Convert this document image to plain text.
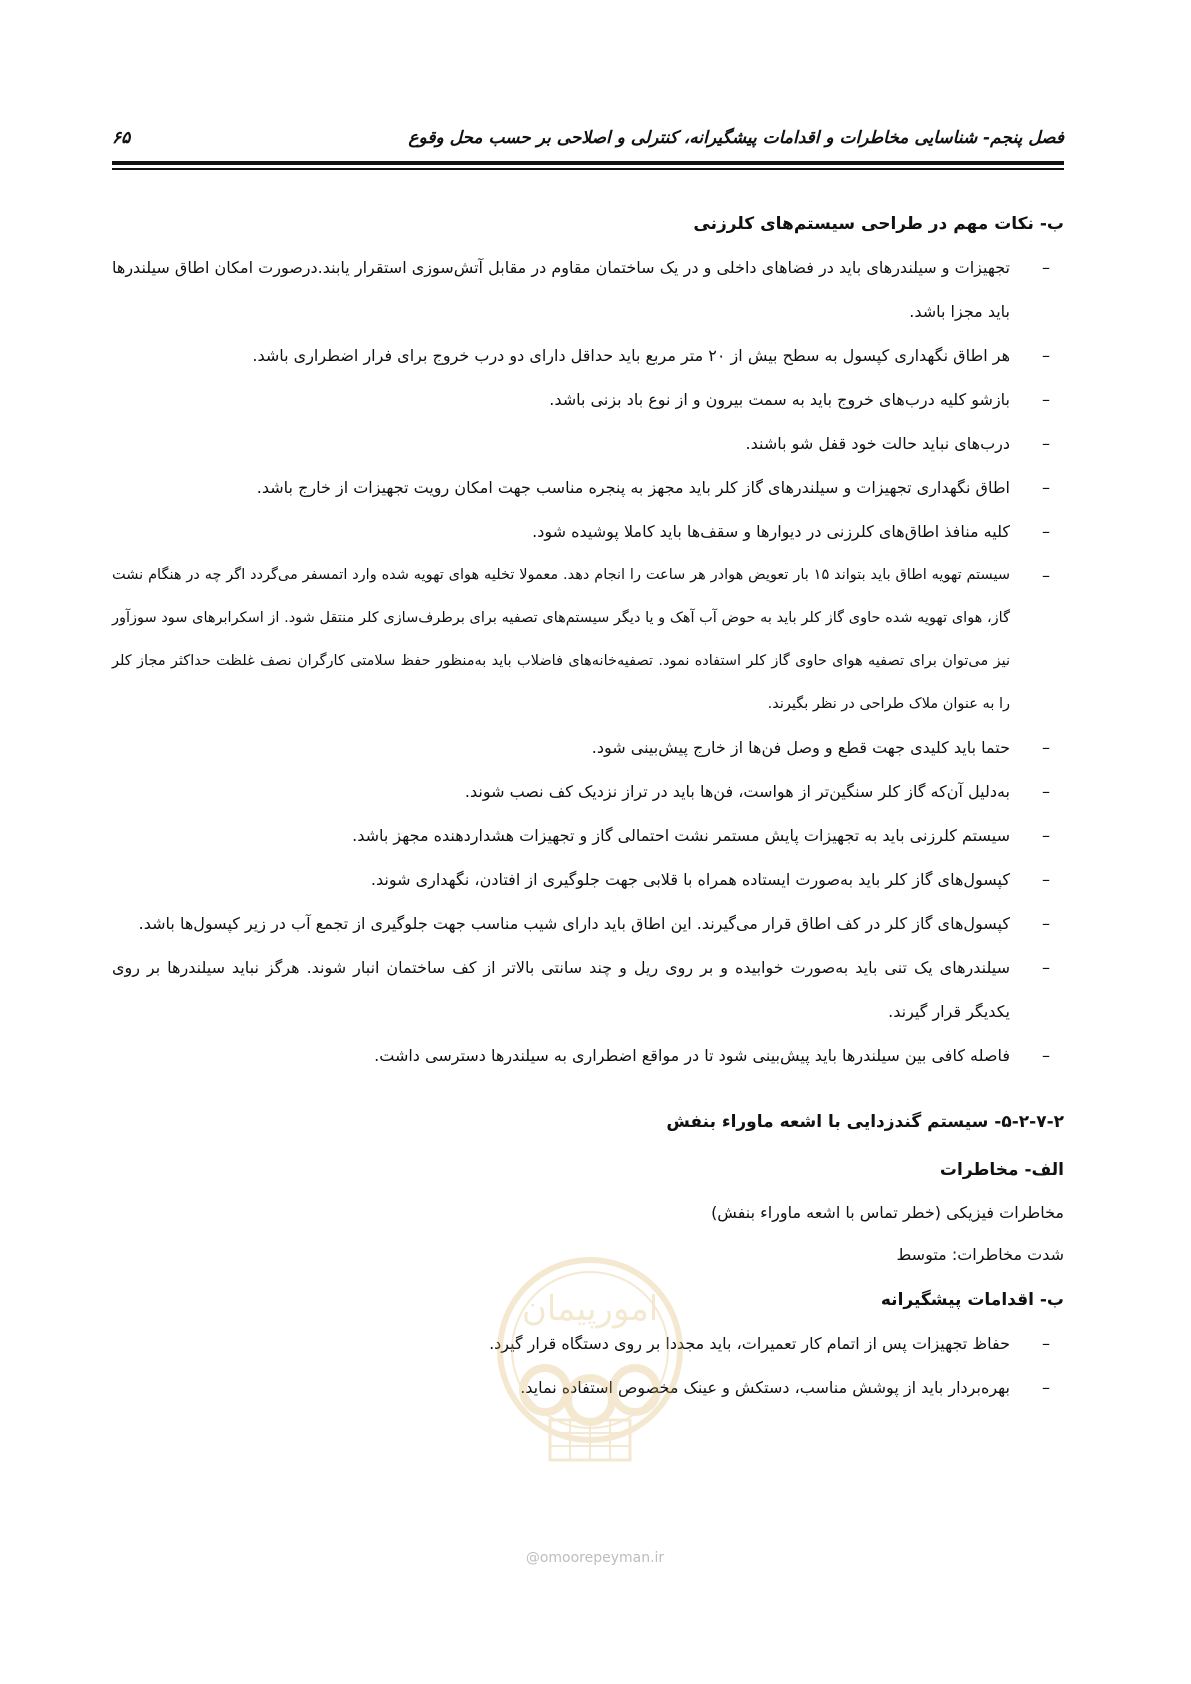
فصل پنجم- شناسایی مخاطرات و اقدامات پیشگیرانه، کنترلی و اصلاحی بر حسب محل وقوع
۶۵
ب- نکات مهم در طراحی سیستم‌های کلرزنی
–
تجهیزات و سیلندرهای باید در فضاهای داخلی و در یک ساختمان مقاوم در مقابل آتش‌سوزی استقرار یابند.درصورت امکان اطاق سیلندرها باید مجزا باشد.
–
هر اطاق نگهداری کپسول به سطح بیش از ۲۰ متر مربع باید حداقل دارای دو درب خروج برای فرار اضطراری باشد.
–
بازشو کلیه درب‌های خروج باید به سمت بیرون و از نوع باد بزنی باشد.
–
درب‌های نباید حالت خود قفل شو باشند.
–
اطاق نگهداری تجهیزات و سیلندرهای گاز کلر باید مجهز به پنجره مناسب جهت امکان رویت تجهیزات از خارج باشد.
–
کلیه منافذ اطاق‌های کلرزنی در دیوارها و سقف‌ها باید کاملا پوشیده شود.
–
سیستم تهویه اطاق باید بتواند ۱۵ بار تعویض هوادر هر ساعت را انجام دهد. معمولا تخلیه هوای تهویه شده وارد اتمسفر می‌گردد اگر چه در هنگام نشت گاز، هوای تهویه شده حاوی گاز کلر باید به حوض آب آهک و یا دیگر سیستم‌های تصفیه برای برطرف‌سازی کلر منتقل شود. از اسکرابرهای سود سوزآور نیز می‌توان برای تصفیه هوای حاوی گاز کلر استفاده نمود. تصفیه‌خانه‌های فاضلاب باید به‌منظور حفظ سلامتی کارگران نصف غلظت حداکثر مجاز کلر را به عنوان ملاک طراحی در نظر بگیرند.
–
حتما باید کلیدی جهت قطع و وصل فن‌ها از خارج پیش‌بینی شود.
–
به‌دلیل آن‌که گاز کلر سنگین‌تر از هواست، فن‌ها باید در تراز نزدیک کف نصب شوند.
–
سیستم کلرزنی باید به تجهیزات پایش مستمر نشت احتمالی گاز و تجهیزات هشداردهنده مجهز باشد.
–
کپسول‌های گاز کلر باید به‌صورت ایستاده همراه با قلابی جهت جلوگیری از افتادن، نگهداری شوند.
–
کپسول‌های گاز کلر در کف اطاق قرار می‌گیرند. این اطاق باید دارای شیب مناسب جهت جلوگیری از تجمع آب در زیر کپسول‌ها باشد.
–
سیلندرهای یک تنی باید به‌صورت خوابیده و بر روی ریل و چند سانتی بالاتر از کف ساختمان انبار شوند. هرگز نباید سیلندرها بر روی یکدیگر قرار گیرند.
–
فاصله کافی بین سیلندرها باید پیش‌بینی شود تا در مواقع اضطراری به سیلندرها دسترسی داشت.
۵-۲-۷-۲- سیستم گندزدایی با اشعه ماوراء بنفش
الف- مخاطرات

مخاطرات فیزیکی (خطر تماس با اشعه ماوراء بنفش)

شدت مخاطرات: متوسط

ب- اقدامات پیشگیرانه
–
حفاظ تجهیزات پس از اتمام کار تعمیرات، باید مجددا بر روی دستگاه قرار گیرد.
–
بهره‌بردار باید از پوشش مناسب، دستکش و عینک مخصوص استفاده نماید.
امورپیمان
@omoorepeyman.ir
